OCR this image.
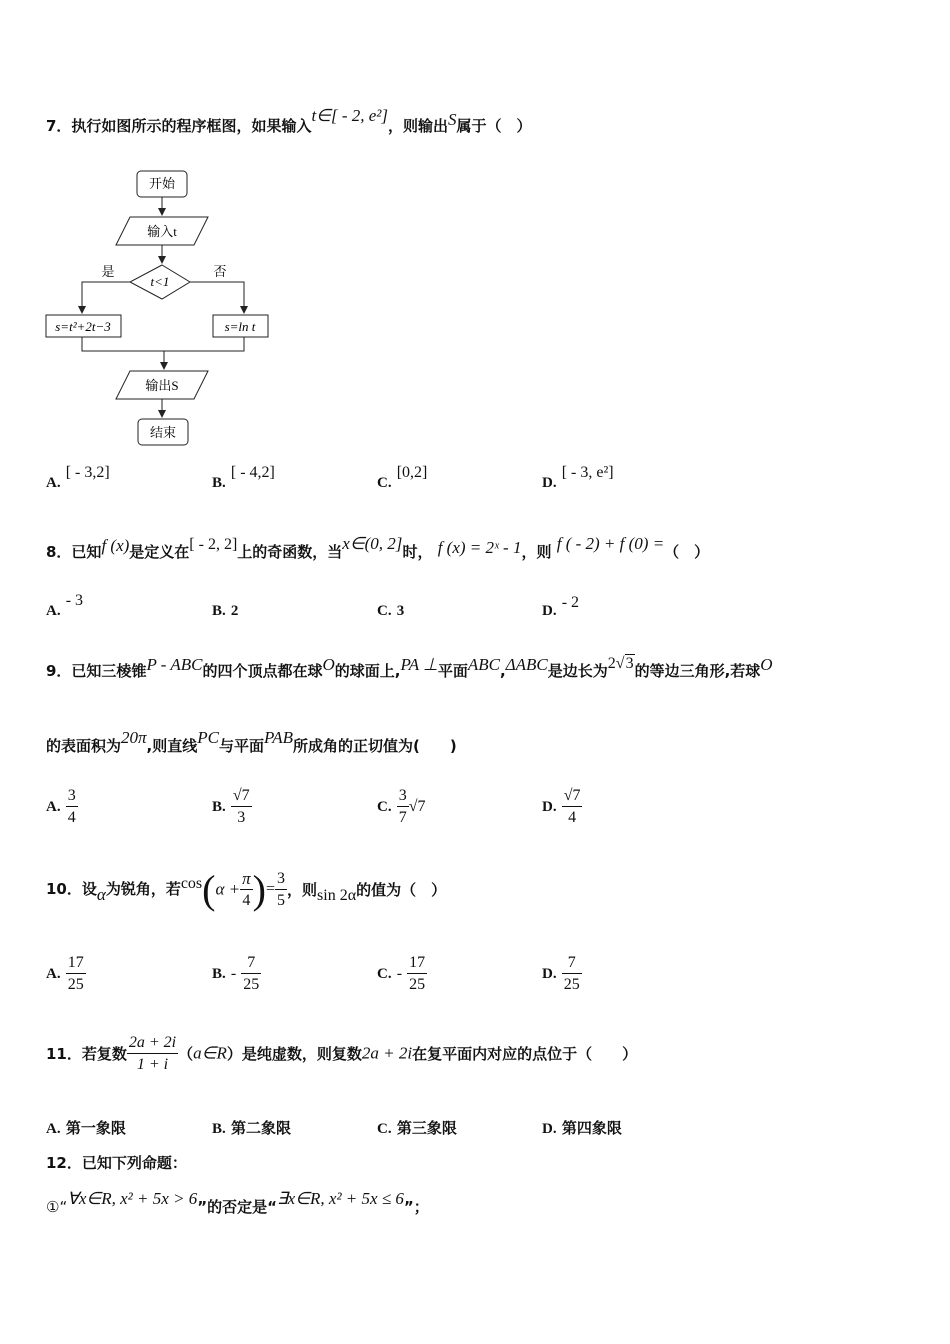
7．执行如图所示的程序框图，如果输入t∈[ - 2, e²]，则输出S属于（　）
开始
输入t
t<1
是	否
s=t²+2t−3	s=ln t
输出S
结束
A. [ - 3,2]
B. [ - 4,2]
C. [0,2]
D. [ - 3, e²]
8．已知f (x)是定义在[ - 2, 2]上的奇函数，当x∈(0, 2]时， f (x) = 2ˣ - 1，则 f ( - 2) + f (0) =（　）
A. - 3
B. 2	C. 3	D. - 2
9．已知三棱锥P - ABC的四个顶点都在球O的球面上,PA ⊥平面ABC,ΔABC是边长为2√3的等边三角形,若球O
的表面积为20π,则直线PC与平面PAB所成角的正切值为(　　)
A. $\frac{3}{4}$	B. $\frac{√7}{3}$	C. $\frac{3}{7} √7$	D. $\frac{√7}{4}$
10．设α为锐角，若$\cos(\alpha + \frac{\pi}{4}$ )= $\frac{3}{5}$ ，则sin 2α的值为（　）
A. $\frac{17}{25}$	B. - $\frac{7}{25}$	C. - $\frac{17}{25}$	D. $\frac{7}{25}$
11．若复数 $\frac{2a + 2i}{1 + i}$ （a∈R）是纯虚数，则复数2a + 2i在复平面内对应的点位于（　　）
A. 第一象限	B. 第二象限	C. 第三象限	D. 第四象限
12．已知下列命题：
①“∀x∈R, x² + 5x > 6”的否定是“∃x∈R, x² + 5x ≤ 6”；
